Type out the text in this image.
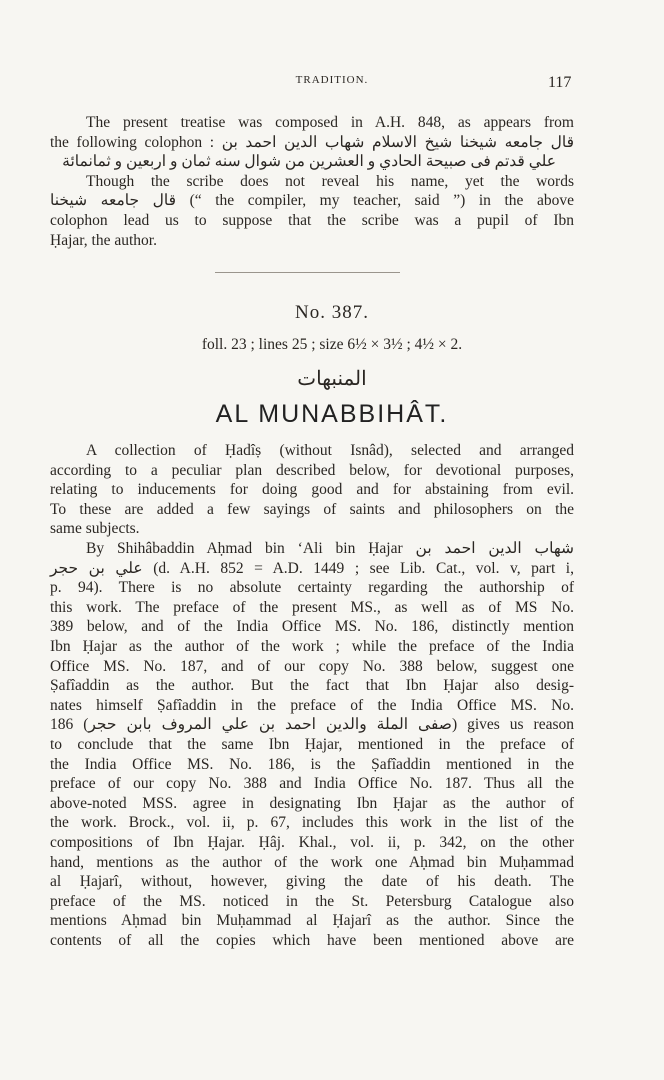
TRADITION.	117
The present treatise was composed in A.H. 848, as appears from
the following colophon : قال جامعه شيخنا شيخ الاسلام شهاب الدين احمد بن
علي قدتم فى صبيحة الحادي و العشرين من شوال سنه ثمان و اربعين و ثمانمائة
Though the scribe does not reveal his name, yet the words
قال جامعه شيخنا (“ the compiler, my teacher, said ”) in the above
colophon lead us to suppose that the scribe was a pupil of Ibn
Ḥajar, the author.
No. 387.
foll. 23 ; lines 25 ; size 6½ × 3½ ; 4½ × 2.
المنبهات
AL MUNABBIHÂT.
A collection of Ḥadîṣ (without Isnâd), selected and arranged
according to a peculiar plan described below, for devotional purposes,
relating to inducements for doing good and for abstaining from evil.
To these are added a few sayings of saints and philosophers on the
same subjects.
By Shihâbaddin Aḥmad bin ‘Ali bin Ḥajar شهاب الدين احمد بن
علي بن حجر (d. A.H. 852 = A.D. 1449 ; see Lib. Cat., vol. v, part i,
p. 94). There is no absolute certainty regarding the authorship of
this work. The preface of the present MS., as well as of MS No.
389 below, and of the India Office MS. No. 186, distinctly mention
Ibn Ḥajar as the author of the work ; while the preface of the India
Office MS. No. 187, and of our copy No. 388 below, suggest one
Ṣafîaddin as the author. But the fact that Ibn Ḥajar also desig-
nates himself Ṣafîaddin in the preface of the India Office MS. No.
186 (صفى الملة والدين احمد بن علي المروف بابن حجر) gives us reason
to conclude that the same Ibn Ḥajar, mentioned in the preface of
the India Office MS. No. 186, is the Ṣafîaddin mentioned in the
preface of our copy No. 388 and India Office No. 187. Thus all the
above-noted MSS. agree in designating Ibn Ḥajar as the author of
the work. Brock., vol. ii, p. 67, includes this work in the list of the
compositions of Ibn Ḥajar. Ḥâj. Khal., vol. ii, p. 342, on the other
hand, mentions as the author of the work one Aḥmad bin Muḥammad
al Ḥajarî, without, however, giving the date of his death. The
preface of the MS. noticed in the St. Petersburg Catalogue also
mentions Aḥmad bin Muḥammad al Ḥajarî as the author. Since the
contents of all the copies which have been mentioned above are
